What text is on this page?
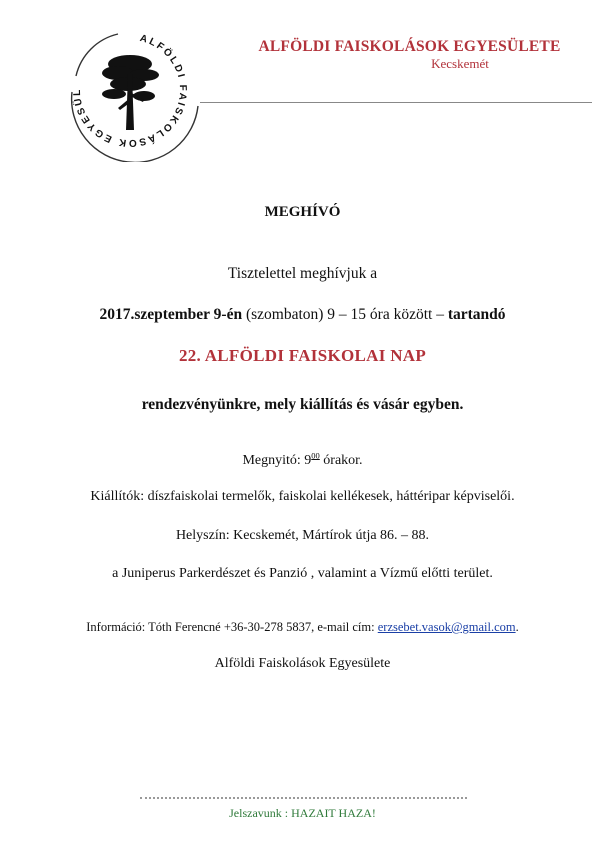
ALFÖLDI FAISKOLÁSOK EGYESÜL
ALFÖLDI FAISKOLÁSOK EGYESÜLETE
Kecskemét
MEGHÍVÓ
Tisztelettel meghívjuk a
2017.szeptember 9-én (szombaton) 9 – 15 óra között – tartandó
22. ALFÖLDI FAISKOLAI NAP
rendezvényünkre, mely kiállítás és vásár egyben.
Megnyitó: $9^{00}$ órakor.
Kiállítók: díszfaiskolai termelők, faiskolai kellékesek, háttéripar képviselői.
Helyszín: Kecskemét, Mártírok útja 86. – 88.
a Juniperus Parkerdészet és Panzió , valamint a Vízmű előtti terület.
Információ: Tóth Ferencné +36-30-278 5837, e-mail cím: erzsebet.vasok@gmail.com.
Alföldi Faiskolások Egyesülete
Jelszavunk : HAZAIT HAZA!
